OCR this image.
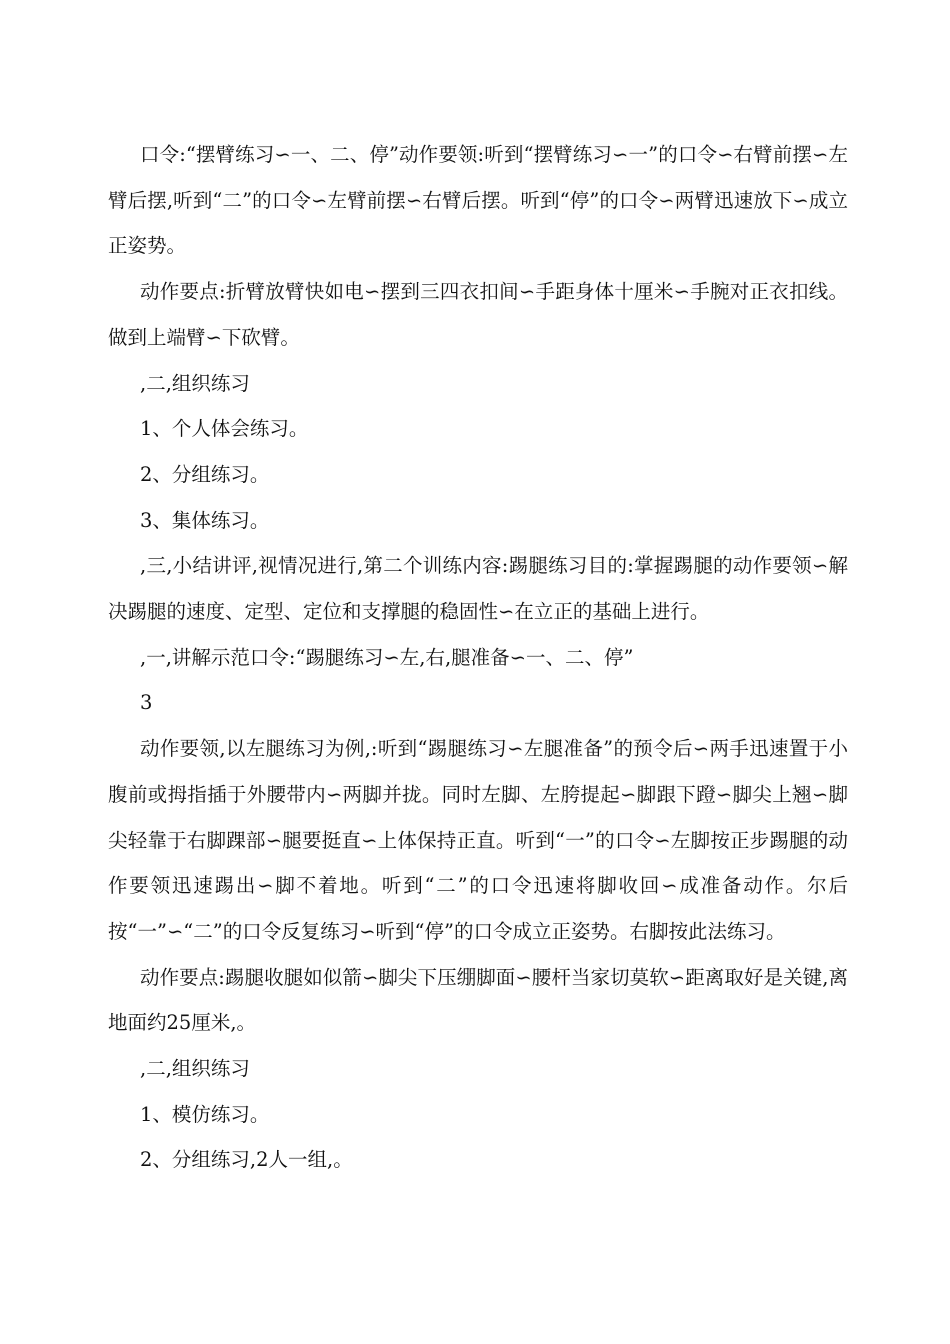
口令:“摆臂练习∽一、二、停”动作要领:听到“摆臂练习∽一”的口令∽右臂前摆∽左臂后摆,听到“二”的口令∽左臂前摆∽右臂后摆。听到“停”的口令∽两臂迅速放下∽成立正姿势。

动作要点:折臂放臂快如电∽摆到三四衣扣间∽手距身体十厘米∽手腕对正衣扣线。做到上端臂∽下砍臂。

,二,组织练习

1、个人体会练习。

2、分组练习。

3、集体练习。

,三,小结讲评,视情况进行,第二个训练内容:踢腿练习目的:掌握踢腿的动作要领∽解决踢腿的速度、定型、定位和支撑腿的稳固性∽在立正的基础上进行。

,一,讲解示范口令:“踢腿练习∽左,右,腿准备∽一、二、停”

3

动作要领,以左腿练习为例,:听到“踢腿练习∽左腿准备”的预令后∽两手迅速置于小腹前或拇指插于外腰带内∽两脚并拢。同时左脚、左胯提起∽脚跟下蹬∽脚尖上翘∽脚尖轻靠于右脚踝部∽腿要挺直∽上体保持正直。听到“一”的口令∽左脚按正步踢腿的动作要领迅速踢出∽脚不着地。听到“二”的口令迅速将脚收回∽成准备动作。尔后按“一”∽“二”的口令反复练习∽听到“停”的口令成立正姿势。右脚按此法练习。

动作要点:踢腿收腿如似箭∽脚尖下压绷脚面∽腰杆当家切莫软∽距离取好是关键,离地面约25厘米,。

,二,组织练习

1、模仿练习。

2、分组练习,2人一组,。
